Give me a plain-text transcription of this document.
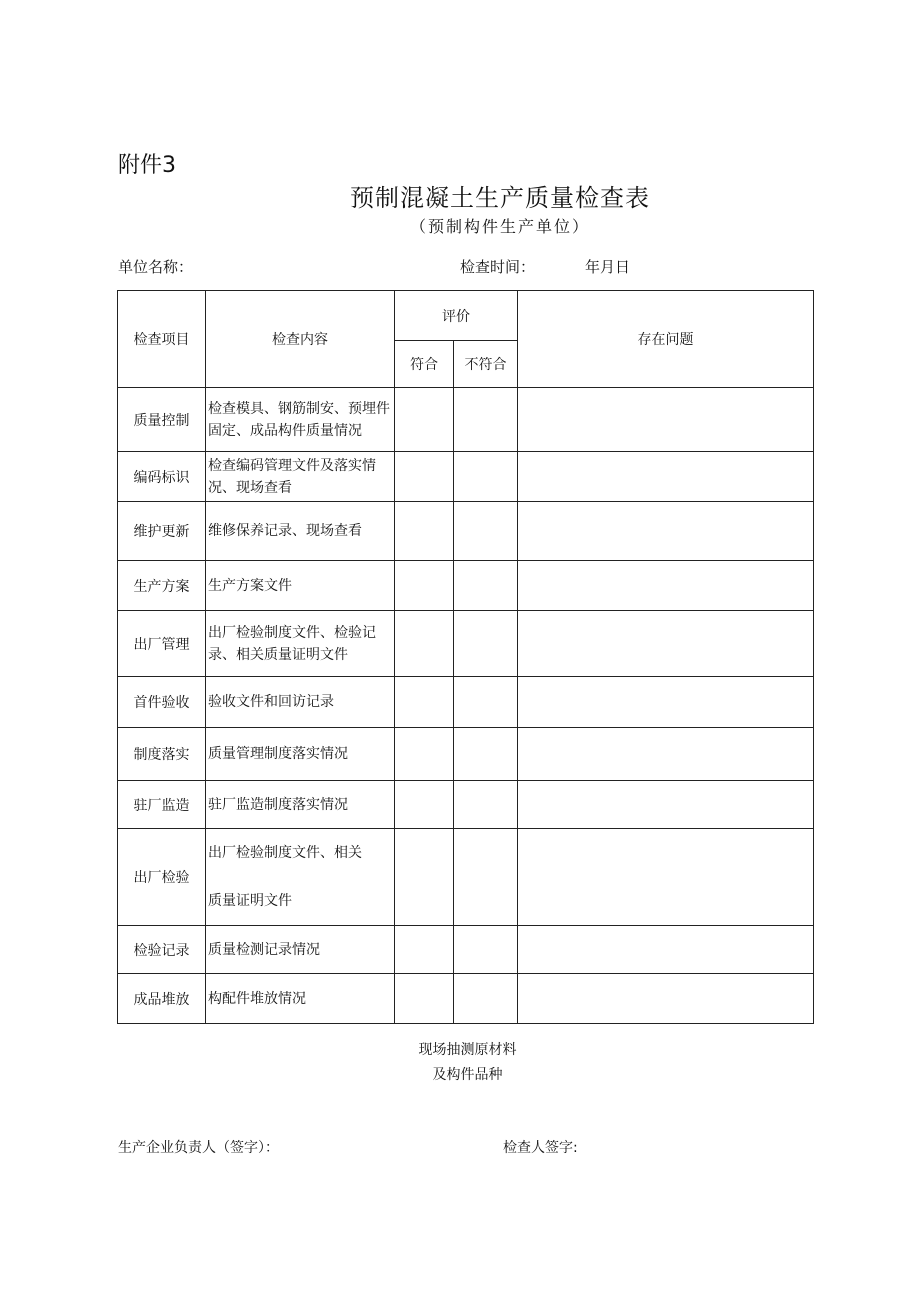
附件3
预制混凝土生产质量检查表
（预制构件生产单位）
单位名称：	检查时间：	年月日
检查项目	检查内容	评价		存在问题
		符合	不符合	
质量控制	检查模具、钢筋制安、预埋件固定、成品构件质量情况			
编码标识	检查编码管理文件及落实情况、现场查看			
维护更新	维修保养记录、现场查看			
生产方案	生产方案文件			
出厂管理	出厂检验制度文件、检验记录、相关质量证明文件			
首件验收	验收文件和回访记录			
制度落实	质量管理制度落实情况			
驻厂监造	驻厂监造制度落实情况			
出厂检验	出厂检验制度文件、相关
质量证明文件			

检验记录	质量检测记录情况			
成品堆放	构配件堆放情况			
现场抽测原材料
及构件品种
生产企业负责人（签字）：	检查人签字:
